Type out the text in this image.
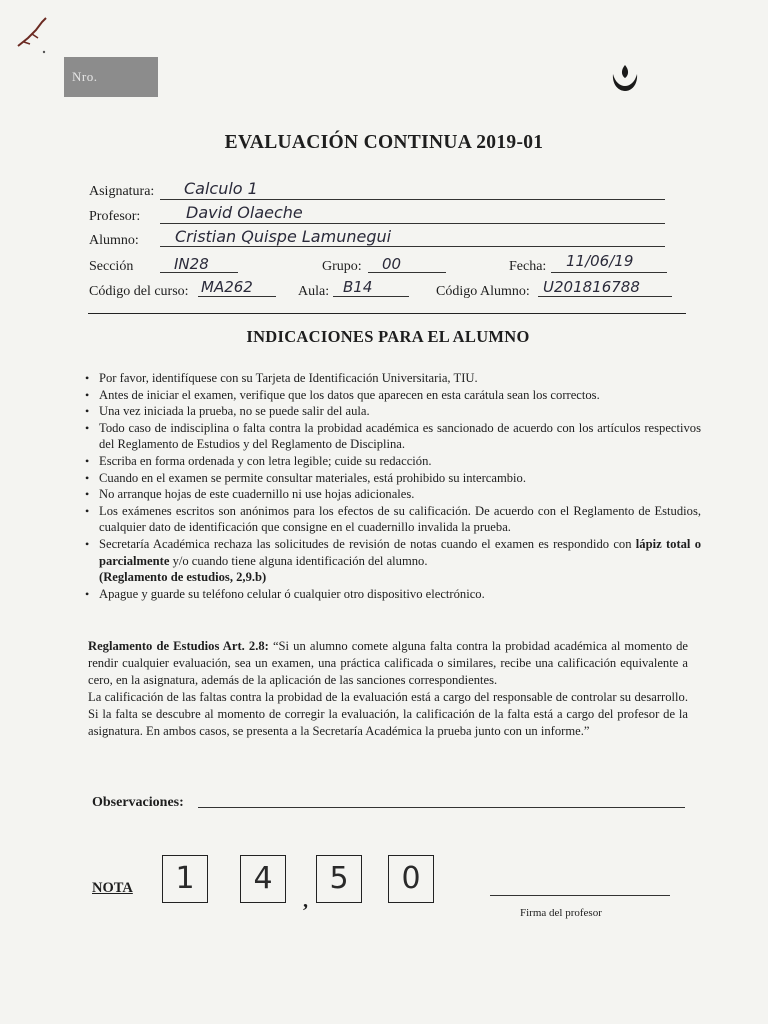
Nro.
EVALUACIÓN CONTINUA 2019-01
Asignatura: Calculo 1
Profesor:	David Olaeche
Alumno: Cristian Quispe Lamunegui
Sección	IN28	Grupo: 00	Fecha: 11/06/19
Código del curso: MA262	Aula: B14	Código Alumno: U201816788
INDICACIONES PARA EL ALUMNO
• Por favor, identifíquese con su Tarjeta de Identificación Universitaria, TIU.
• Antes de iniciar el examen, verifique que los datos que aparecen en esta carátula sean los correctos.
• Una vez iniciada la prueba, no se puede salir del aula.
• Todo caso de indisciplina o falta contra la probidad académica es sancionado de acuerdo con los artículos respectivos del Reglamento de Estudios y del Reglamento de Disciplina.
• Escriba en forma ordenada y con letra legible; cuide su redacción.
• Cuando en el examen se permite consultar materiales, está prohibido su intercambio.
• No arranque hojas de este cuadernillo ni use hojas adicionales.
• Los exámenes escritos son anónimos para los efectos de su calificación. De acuerdo con el Reglamento de Estudios, cualquier dato de identificación que consigne en el cuadernillo invalida la prueba.
• Secretaría Académica rechaza las solicitudes de revisión de notas cuando el examen es respondido con lápiz total o parcialmente y/o cuando tiene alguna identificación del alumno.
(Reglamento de estudios, 2,9.b)
• Apague y guarde su teléfono celular ó cualquier otro dispositivo electrónico.

Reglamento de Estudios Art. 2.8: “Si un alumno comete alguna falta contra la probidad académica al momento de rendir cualquier evaluación, sea un examen, una práctica calificada o similares, recibe una calificación equivalente a cero, en la asignatura, además de la aplicación de las sanciones correspondientes.

La calificación de las faltas contra la probidad de la evaluación está a cargo del responsable de controlar su desarrollo. Si la falta se descubre al momento de corregir la evaluación, la calificación de la falta está a cargo del profesor de la asignatura. En ambos casos, se presenta a la Secretaría Académica la prueba junto con un informe.”

Observaciones:
NOTA	1	4
,
5	0
Firma del profesor
